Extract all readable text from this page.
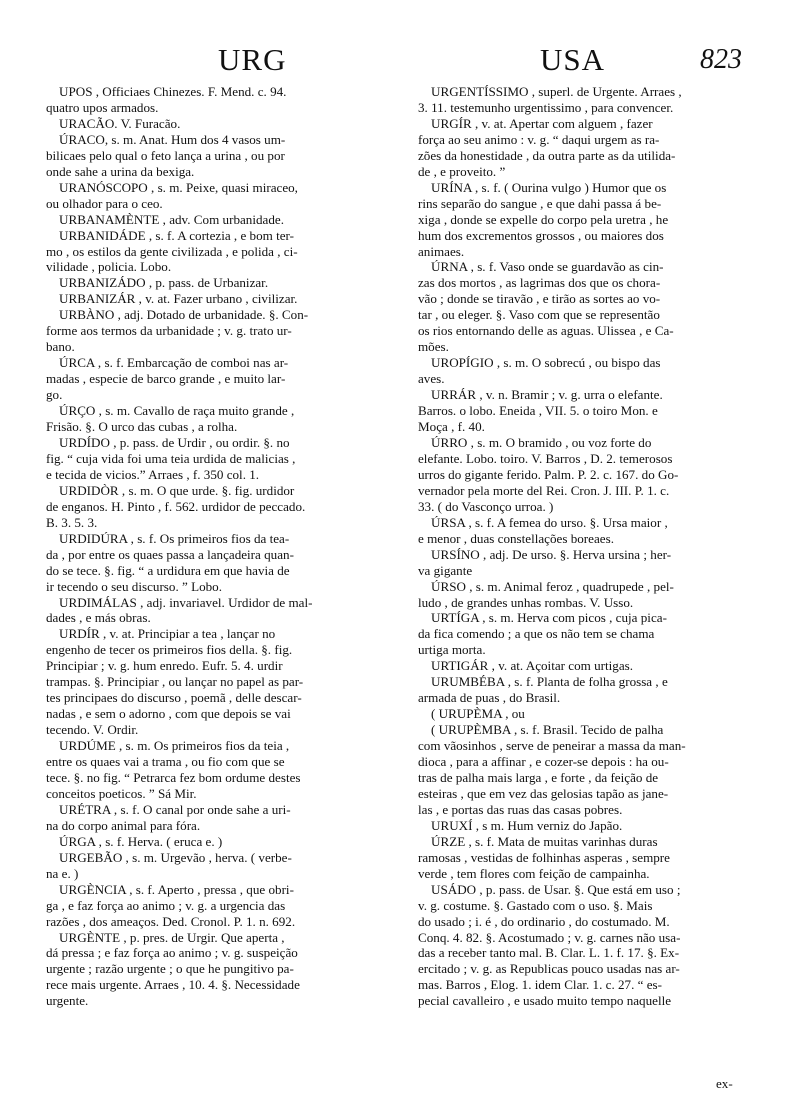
URG	USA	823
UPOS , Officiaes Chinezes. F. Mend. c. 94.
quatro upos armados.
URACÃO. V. Furacão.
ÚRACO, s. m. Anat. Hum dos 4 vasos um-
bilicaes pelo qual o feto lança a urina , ou por
onde sahe a urina da bexiga.
URANÓSCOPO , s. m. Peixe, quasi miraceo,
ou olhador para o ceo.
URBANAMÈNTE , adv. Com urbanidade.
URBANIDÁDE , s. f. A cortezia , e bom ter-
mo , os estilos da gente civilizada , e polida , ci-
vilidade , policia. Lobo.
URBANIZÁDO , p. pass. de Urbanizar.
URBANIZÁR , v. at. Fazer urbano , civilizar.
URBÀNO , adj. Dotado de urbanidade. §. Con-
forme aos termos da urbanidade ; v. g. trato ur-
bano.
ÚRCA , s. f. Embarcação de comboi nas ar-
madas , especie de barco grande , e muito lar-
go.
ÚRÇO , s. m. Cavallo de raça muito grande ,
Frisão. §. O urco das cubas , a rolha.
URDÍDO , p. pass. de Urdir , ou ordir. §. no
fig. “ cuja vida foi uma teia urdida de malicias ,
e tecida de vicios.” Arraes , f. 350 col. 1.
URDIDÒR , s. m. O que urde. §. fig. urdidor
de enganos. H. Pinto , f. 562. urdidor de peccado.
B. 3. 5. 3.
URDIDÚRA , s. f. Os primeiros fios da tea-
da , por entre os quaes passa a lançadeira quan-
do se tece. §. fig. “ a urdidura em que havia de
ir tecendo o seu discurso. ” Lobo.
URDIMÁLAS , adj. invariavel. Urdidor de mal-
dades , e más obras.
URDÍR , v. at. Principiar a tea , lançar no
engenho de tecer os primeiros fios della. §. fig.
Principiar ; v. g. hum enredo. Eufr. 5. 4. urdir
trampas. §. Principiar , ou lançar no papel as par-
tes principaes do discurso , poemã , delle descar-
nadas , e sem o adorno , com que depois se vai
tecendo. V. Ordir.
URDÚME , s. m. Os primeiros fios da teia ,
entre os quaes vai a trama , ou fio com que se
tece. §. no fig. “ Petrarca fez bom ordume destes
conceitos poeticos. ” Sá Mir.
URÉTRA , s. f. O canal por onde sahe a uri-
na do corpo animal para fóra.
ÚRGA , s. f. Herva. ( eruca e. )
URGEBÃO , s. m. Urgevão , herva. ( verbe-
na e. )
URGÈNCIA , s. f. Aperto , pressa , que obri-
ga , e faz força ao animo ; v. g. a urgencia das
razões , dos ameaços. Ded. Cronol. P. 1. n. 692.
URGÈNTE , p. pres. de Urgir. Que aperta ,
dá pressa ; e faz força ao animo ; v. g. suspeição
urgente ; razão urgente ; o que he pungitivo pa-
rece mais urgente. Arraes , 10. 4. §. Necessidade
urgente.
URGENTÍSSIMO , superl. de Urgente. Arraes ,
3. 11. testemunho urgentissimo , para convencer.
URGÍR , v. at. Apertar com alguem , fazer
força ao seu animo : v. g. “ daqui urgem as ra-
zões da honestidade , da outra parte as da utilida-
de , e proveito. ”
URÍNA , s. f. ( Ourina vulgo ) Humor que os
rins separão do sangue , e que dahi passa á be-
xiga , donde se expelle do corpo pela uretra , he
hum dos excrementos grossos , ou maiores dos
animaes.
ÚRNA , s. f. Vaso onde se guardavão as cin-
zas dos mortos , as lagrimas dos que os chora-
vão ; donde se tiravão , e tirão as sortes ao vo-
tar , ou eleger. §. Vaso com que se representão
os rios entornando delle as aguas. Ulissea , e Ca-
mões.
UROPÍGIO , s. m. O sobrecú , ou bispo das
aves.
URRÁR , v. n. Bramir ; v. g. urra o elefante.
Barros. o lobo. Eneida , VII. 5. o toiro Mon. e
Moça , f. 40.
ÚRRO , s. m. O bramido , ou voz forte do
elefante. Lobo. toiro. V. Barros , D. 2. temerosos
urros do gigante ferido. Palm. P. 2. c. 167. do Go-
vernador pela morte del Rei. Cron. J. III. P. 1. c.
33. ( do Vasconço urroa. )
ÚRSA , s. f. A femea do urso. §. Ursa maior ,
e menor , duas constellações boreaes.
URSÍNO , adj. De urso. §. Herva ursina ; her-
va gigante
ÚRSO , s. m. Animal feroz , quadrupede , pel-
ludo , de grandes unhas rombas. V. Usso.
URTÍGA , s. m. Herva com picos , cuja pica-
da fica comendo ; a que os não tem se chama
urtiga morta.
URTIGÁR , v. at. Açoitar com urtigas.
URUMBÉBA , s. f. Planta de folha grossa , e
armada de puas , do Brasil.
( URUPÈMA , ou
( URUPÈMBA , s. f. Brasil. Tecido de palha
com vãosinhos , serve de peneirar a massa da man-
dioca , para a affinar , e cozer-se depois : ha ou-
tras de palha mais larga , e forte , da feição de
esteiras , que em vez das gelosias tapão as jane-
las , e portas das ruas das casas pobres.
URUXÍ , s m. Hum verniz do Japão.
ÚRZE , s. f. Mata de muitas varinhas duras
ramosas , vestidas de folhinhas asperas , sempre
verde , tem flores com feição de campainha.
USÁDO , p. pass. de Usar. §. Que está em uso ;
v. g. costume. §. Gastado com o uso. §. Mais
do usado ; i. é , do ordinario , do costumado. M.
Conq. 4. 82. §. Acostumado ; v. g. carnes não usa-
das a receber tanto mal. B. Clar. L. 1. f. 17. §. Ex-
ercitado ; v. g. as Republicas pouco usadas nas ar-
mas. Barros , Elog. 1. idem Clar. 1. c. 27. “ es-
pecial cavalleiro , e usado muito tempo naquelle
ex-
